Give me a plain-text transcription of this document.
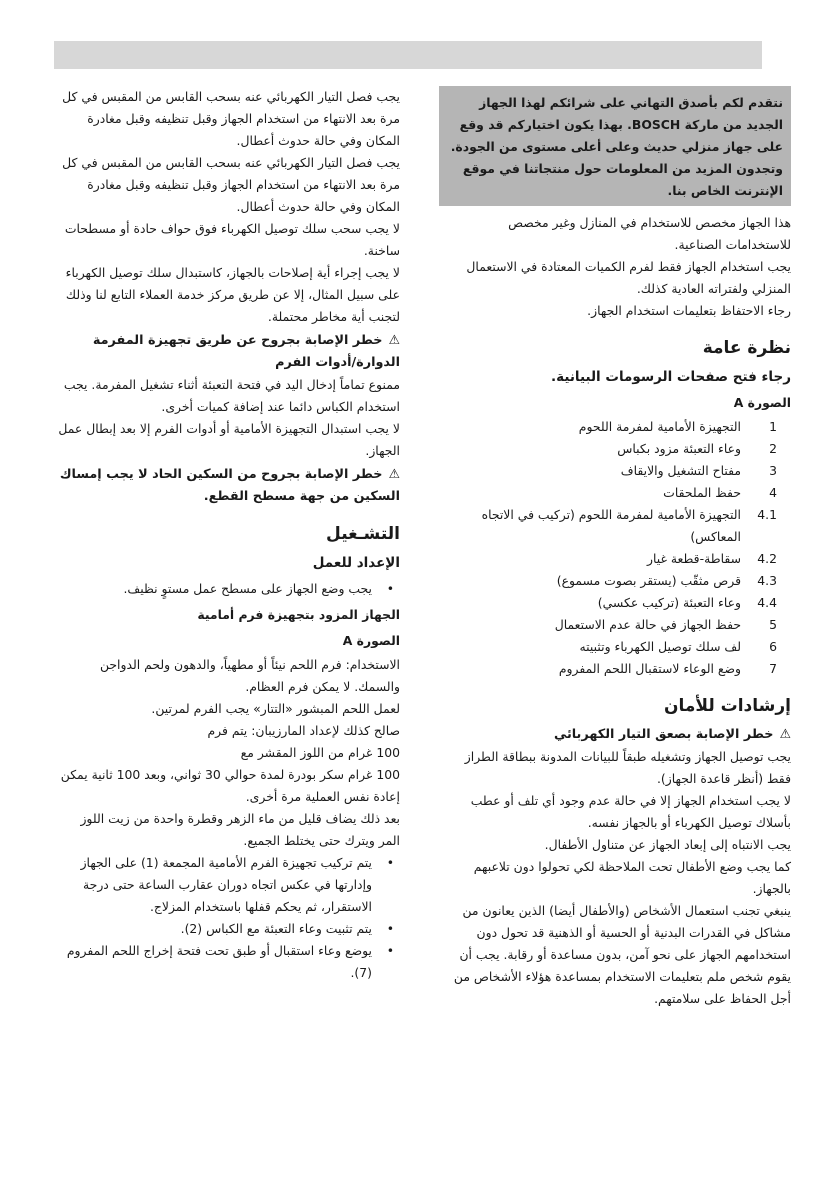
نتقدم لكم بأصدق التهاني على شرائكم لهذا الجهاز الجديد من ماركة BOSCH. بهذا يكون اختياركم قد وقع على جهاز منزلي حديث وعلى أعلى مستوى من الجودة. وتجدون المزيد من المعلومات حول منتجاتنا في موقع الإنترنت الخاص بنا.

هذا الجهاز مخصص للاستخدام في المنازل وغير مخصص للاستخدامات الصناعية.

يجب استخدام الجهاز فقط لفرم الكميات المعتادة في الاستعمال المنزلي ولفتراته العادية كذلك.

رجاء الاحتفاظ بتعليمات استخدام الجهاز.

نظرة عامة
رجاء فتح صفحات الرسومات البيانية.
الصورة A
1
التجهيزة الأمامية لمفرمة اللحوم
2
وعاء التعبئة مزود بكباس
3
مفتاح التشغيل والايقاف
4
حفظ الملحقات
4.1
التجهيزة الأمامية لمفرمة اللحوم (تركيب في الاتجاه المعاكس)
4.2
سقاطة-قطعة غيار
4.3
قرص مثقّب (يستقر بصوت مسموع)
4.4
وعاء التعبئة (تركيب عكسي)
5
حفظ الجهاز في حالة عدم الاستعمال
6
لف سلك توصيل الكهرباء وتثبيته
7
وضع الوعاء لاستقبال اللحم المفروم
إرشادات للأمان

⚠خطر الإصابة بصعق التيار الكهربائي

يجب توصيل الجهاز وتشغيله طبقاً للبيانات المدونة ببطاقة الطراز فقط (أنظر قاعدة الجهاز).

لا يجب استخدام الجهاز إلا في حالة عدم وجود أي تلف أو عطب بأسلاك توصيل الكهرباء أو بالجهاز نفسه.

يجب الانتباه إلى إبعاد الجهاز عن متناول الأطفال.

كما يجب وضع الأطفال تحت الملاحظة لكي تحولوا دون تلاعبهم بالجهاز.

ينبغي تجنب استعمال الأشخاص (والأطفال أيضا) الذين يعانون من مشاكل في القدرات البدنية أو الحسية أو الذهنية قد تحول دون استخدامهم الجهاز على نحو آمن، بدون مساعدة أو رقابة. يجب أن يقوم شخص ملم بتعليمات الاستخدام بمساعدة هؤلاء الأشخاص من أجل الحفاظ على سلامتهم.

يجب فصل التيار الكهربائي عنه بسحب القابس من المقبس في كل مرة بعد الانتهاء من استخدام الجهاز وقبل تنظيفه وقبل مغادرة المكان وفي حالة حدوث أعطال.

يجب فصل التيار الكهربائي عنه بسحب القابس من المقبس في كل مرة بعد الانتهاء من استخدام الجهاز وقبل تنظيفه وقبل مغادرة المكان وفي حالة حدوث أعطال.

لا يجب سحب سلك توصيل الكهرباء فوق حواف حادة أو مسطحات ساخنة.

لا يجب إجراء أية إصلاحات بالجهاز، كاستبدال سلك توصيل الكهرباء على سبيل المثال، إلا عن طريق مركز خدمة العملاء التابع لنا وذلك لتجنب أية مخاطر محتملة.

⚠خطر الإصابة بجروح عن طريق تجهيزة المفرمة الدوارة/أدوات الفرم

ممنوع تماماً إدخال اليد في فتحة التعبئة أثناء تشغيل المفرمة. يجب استخدام الكباس دائما عند إضافة كميات أخرى.

لا يجب استبدال التجهيزة الأمامية أو أدوات الفرم إلا بعد إبطال عمل الجهاز.

⚠خطر الإصابة بجروح من السكين الحاد لا يجب إمساك السكين من جهة مسطح القطع.

التشـغيل
الإعداد للعمل
•
يجب وضع الجهاز على مسطح عمل مستوٍ نظيف.
الجهاز المزود بتجهيزة فرم أمامية
الصورة A

الاستخدام: فرم اللحم نيئاً أو مطهياً، والدهون ولحم الدواجن والسمك. لا يمكن فرم العظام.

لعمل اللحم المبشور «التتار» يجب الفرم لمرتين.

صالح كذلك لإعداد المارزيبان: يتم فرم

100 غرام من اللوز المقشر مع

100 غرام سكر بودرة لمدة حوالي 30 ثواني، وبعد 100 ثانية يمكن إعادة نفس العملية مرة أخرى.

بعد ذلك يضاف قليل من ماء الزهر وقطرة واحدة من زيت اللوز المر ويترك حتى يختلط الجميع.

•
يتم تركيب تجهيزة الفرم الأمامية المجمعة (1) على الجهاز وإدارتها في عكس اتجاه دوران عقارب الساعة حتى درجة الاستقرار، ثم يحكم قفلها باستخدام المزلاج.
•
يتم تثبيت وعاء التعبئة مع الكباس (2).
•
يوضع وعاء استقبال أو طبق تحت فتحة إخراج اللحم المفروم (7).
